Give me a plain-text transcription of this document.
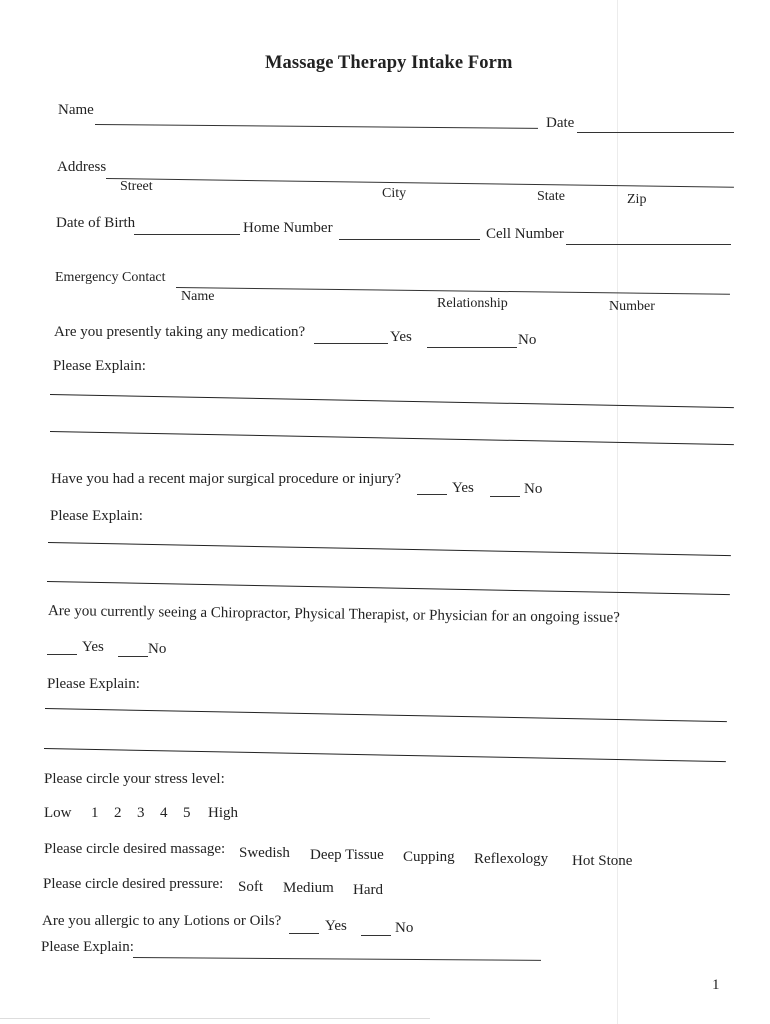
Massage Therapy Intake Form
Name
Date
Address
Street	City	State	Zip
Date of Birth	Home Number	Cell Number
Emergency Contact
Name	Relationship	Number
Are you presently taking any medication?	Yes	No
Please Explain:
Have you had a recent major surgical procedure or injury?
Yes	No
Please Explain:
Are you currently seeing a Chiropractor, Physical Therapist, or Physician for an ongoing issue?
Yes	No
Please Explain:
Please circle your stress level:
Low 1 2 3 4 5 High
Please circle desired massage: Swedish Deep Tissue Cupping Reflexology Hot Stone
Please circle desired pressure: Soft Medium Hard
Are you allergic to any Lotions or Oils?	Yes	No
Please Explain:
1
